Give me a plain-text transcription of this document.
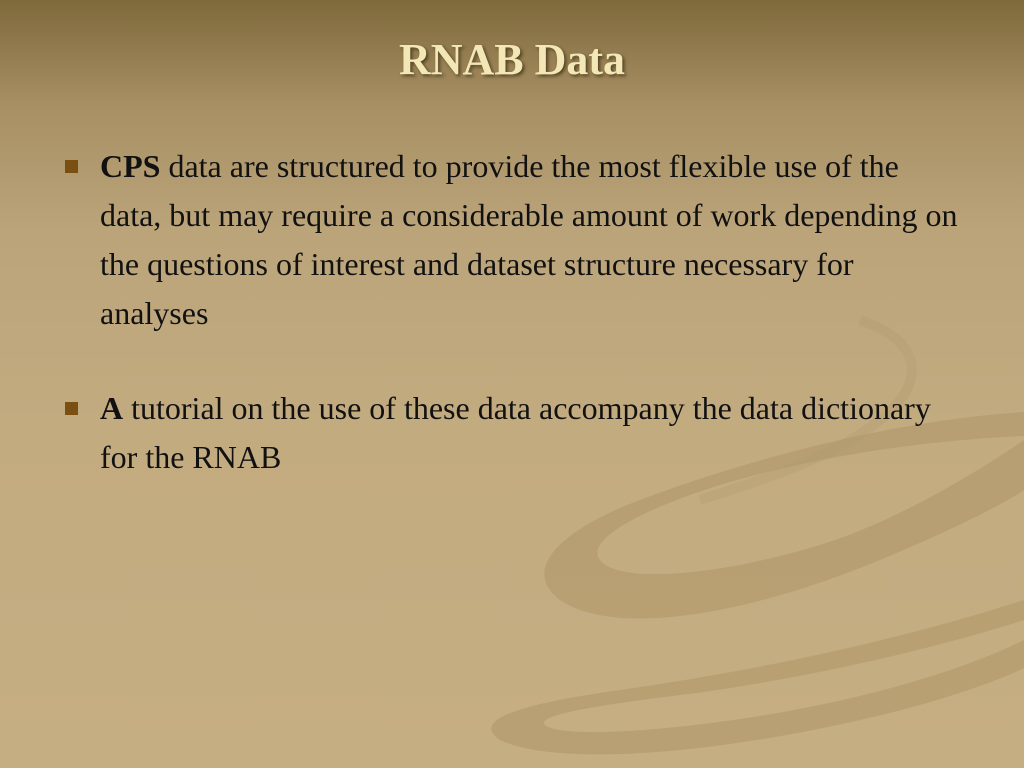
RNAB Data
CPS data are structured to provide the most flexible use of the data, but may require a considerable amount of work depending on the questions of interest and dataset structure necessary for analyses
A tutorial on the use of these data accompany the data dictionary for the RNAB
